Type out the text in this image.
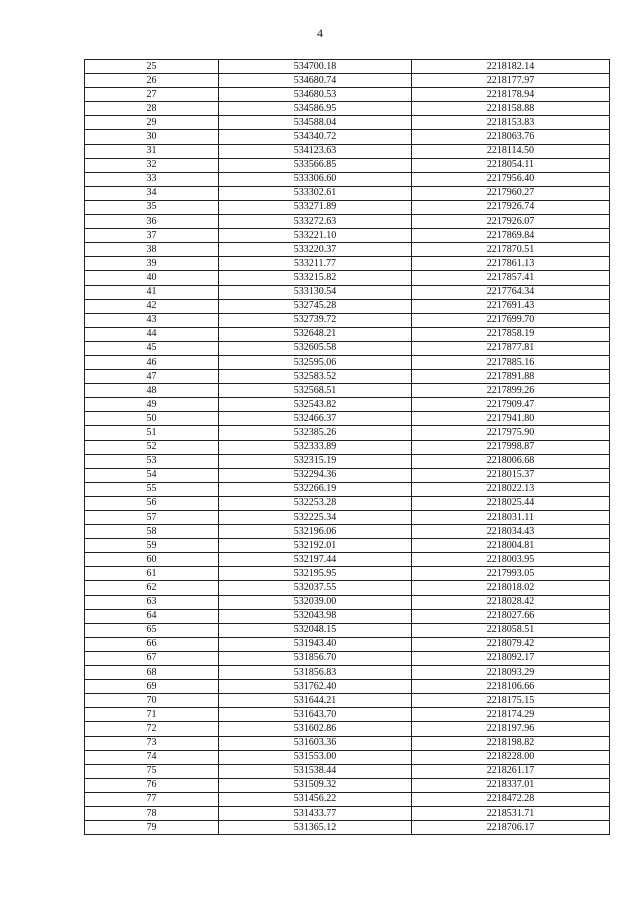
4
25	534700.18	2218182.14
26	534680.74	2218177.97
27	534680.53	2218178.94
28	534586.95	2218158.88
29	534588.04	2218153.83
30	534340.72	2218063.76
31	534123.63	2218114.50
32	533566.85	2218054.11
33	533306.60	2217956.40
34	533302.61	2217960.27
35	533271.89	2217926.74
36	533272.63	2217926.07
37	533221.10	2217869.84
38	533220.37	2217870.51
39	533211.77	2217861.13
40	533215.82	2217857.41
41	533130.54	2217764.34
42	532745.28	2217691.43
43	532739.72	2217699.70
44	532648.21	2217858.19
45	532605.58	2217877.81
46	532595.06	2217885.16
47	532583.52	2217891.88
48	532568.51	2217899.26
49	532543.82	2217909.47
50	532466.37	2217941.80
51	532385.26	2217975.90
52	532333.89	2217998.87
53	532315.19	2218006.68
54	532294.36	2218015.37
55	532266.19	2218022.13
56	532253.28	2218025.44
57	532225.34	2218031.11
58	532196.06	2218034.43
59	532192.01	2218004.81
60	532197.44	2218003.95
61	532195.95	2217993.05
62	532037.55	2218018.02
63	532039.00	2218028.42
64	532043.98	2218027.66
65	532048.15	2218058.51
66	531943.40	2218079.42
67	531856.70	2218092.17
68	531856.83	2218093.29
69	531762.40	2218106.66
70	531644.21	2218175.15
71	531643.70	2218174.29
72	531602.86	2218197.96
73	531603.36	2218198.82
74	531553.00	2218228.00
75	531538.44	2218261.17
76	531509.32	2218337.01
77	531456.22	2218472.28
78	531433.77	2218531.71
79	531365.12	2218706.17
